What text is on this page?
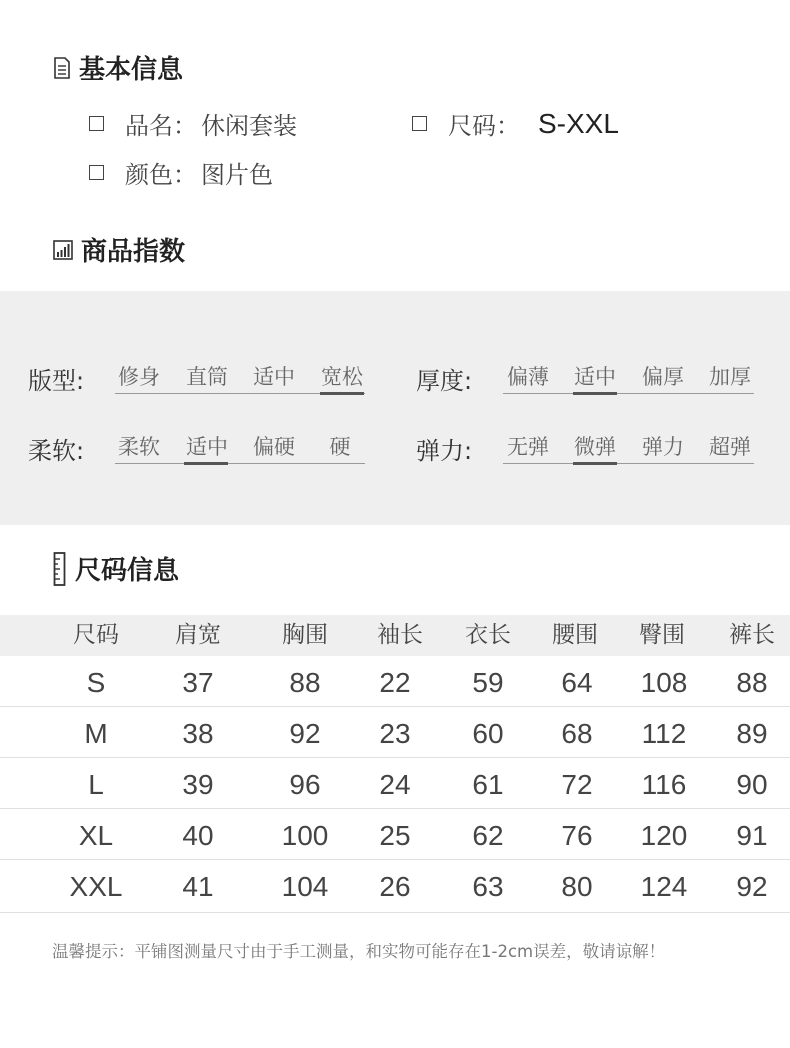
基本信息
品名： 休闲套装	尺码： S-XXL
颜色： 图片色
商品指数
版型: 修身 直筒 适中 宽松 厚度: 偏薄 适中 偏厚 加厚
柔软: 柔软 适中 偏硬	硬	弹力: 无弹 微弹 弹力 超弹
尺码信息
尺码	肩宽	胸围	袖长	衣长	腰围	臀围	裤长
S	37	88	22	59	64	108	88
M	38	92	23	60	68	112	89
L	39	96	24	61	72	116	90
XL	40	100	25	62	76	120	91
XXL	41	104	26	63	80	124	92
温馨提示：平铺图测量尺寸由于手工测量，和实物可能存在1-2cm误差，敬请谅解！
